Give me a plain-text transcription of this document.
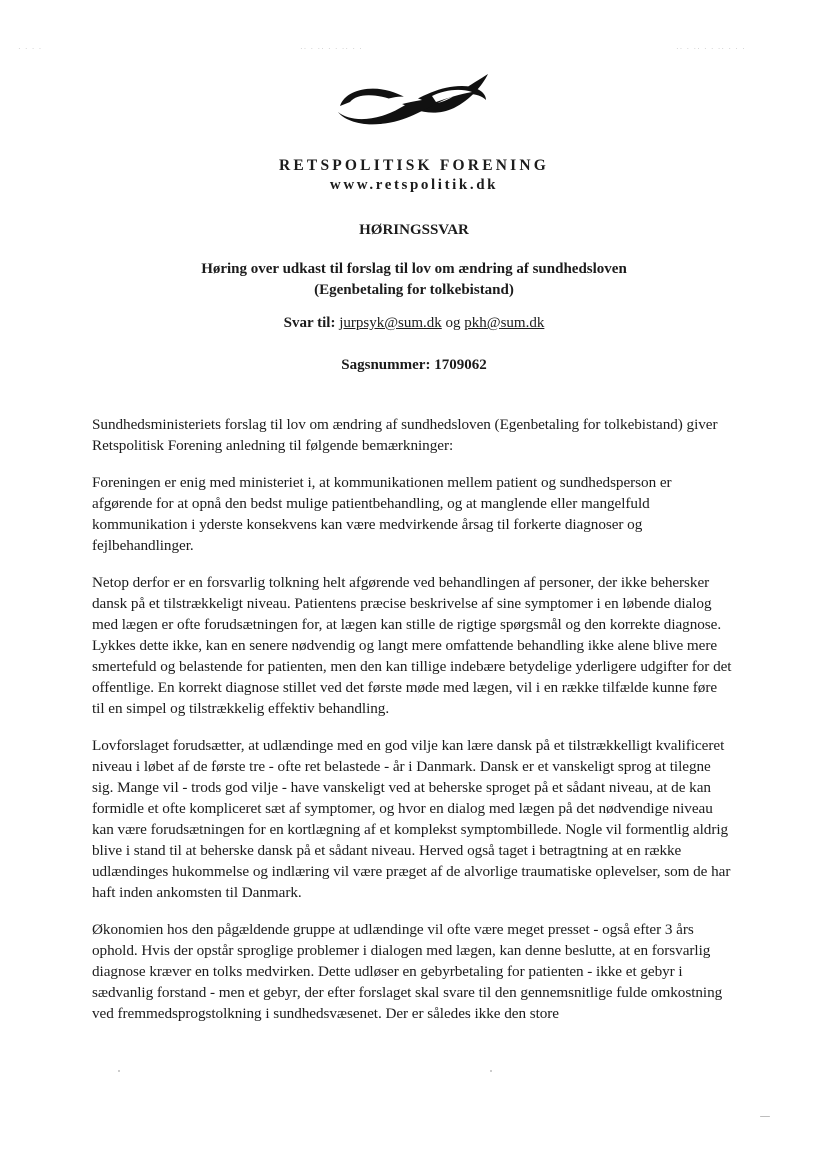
· · · ·	·· · ·· · · ·· · ·	·· · ·· · · ·· · · ·
RETSPOLITISK FORENING
www.retspolitik.dk
HØRINGSSVAR
Høring over udkast til forslag til lov om ændring af sundhedsloven
(Egenbetaling for tolkebistand)
Svar til: jurpsyk@sum.dk og pkh@sum.dk
Sagsnummer: 1709062

Sundhedsministeriets forslag til lov om ændring af sundhedsloven (Egenbetaling for tolkebistand) giver Retspolitisk Forening anledning til følgende bemærkninger:

Foreningen er enig med ministeriet i, at kommunikationen mellem patient og sundhedsperson er afgørende for at opnå den bedst mulige patientbehandling, og at manglende eller mangelfuld kommunikation i yderste konsekvens kan være medvirkende årsag til forkerte diagnoser og fejlbehandlinger.

Netop derfor er en forsvarlig tolkning helt afgørende ved behandlingen af personer, der ikke behersker dansk på et tilstrækkeligt niveau. Patientens præcise beskrivelse af sine symptomer i en løbende dialog med lægen er ofte forudsætningen for, at lægen kan stille de rigtige spørgsmål og den korrekte diagnose. Lykkes dette ikke, kan en senere nødvendig og langt mere omfattende behandling ikke alene blive mere smertefuld og belastende for patienten, men den kan tillige indebære betydelige yderligere udgifter for det offentlige. En korrekt diagnose stillet ved det første møde med lægen, vil i en række tilfælde kunne føre til en simpel og tilstrækkelig effektiv behandling.

Lovforslaget forudsætter, at udlændinge med en god vilje kan lære dansk på et tilstrækkelligt kvalificeret niveau i løbet af de første tre - ofte ret belastede - år i Danmark. Dansk er et vanskeligt sprog at tilegne sig. Mange vil - trods god vilje - have vanskeligt ved at beherske sproget på et sådant niveau, at de kan formidle et ofte kompliceret sæt af symptomer, og hvor en dialog med lægen på det nødvendige niveau kan være forudsætningen for en kortlægning af et komplekst symptombillede. Nogle vil formentlig aldrig blive i stand til at beherske dansk på et sådant niveau. Herved også taget i betragtning at en række udlændinges hukommelse og indlæring vil være præget af de alvorlige traumatiske oplevelser, som de har haft inden ankomsten til Danmark.

Økonomien hos den pågældende gruppe at udlændinge vil ofte være meget presset - også efter 3 års ophold. Hvis der opstår sproglige problemer i dialogen med lægen, kan denne beslutte, at en forsvarlig diagnose kræver en tolks medvirken. Dette udløser en gebyrbetaling for patienten - ikke et gebyr i sædvanlig forstand - men et gebyr, der efter forslaget skal svare til den gennemsnitlige fulde omkostning ved fremmedsprogstolkning i sundhedsvæsenet. Der er således ikke den store
